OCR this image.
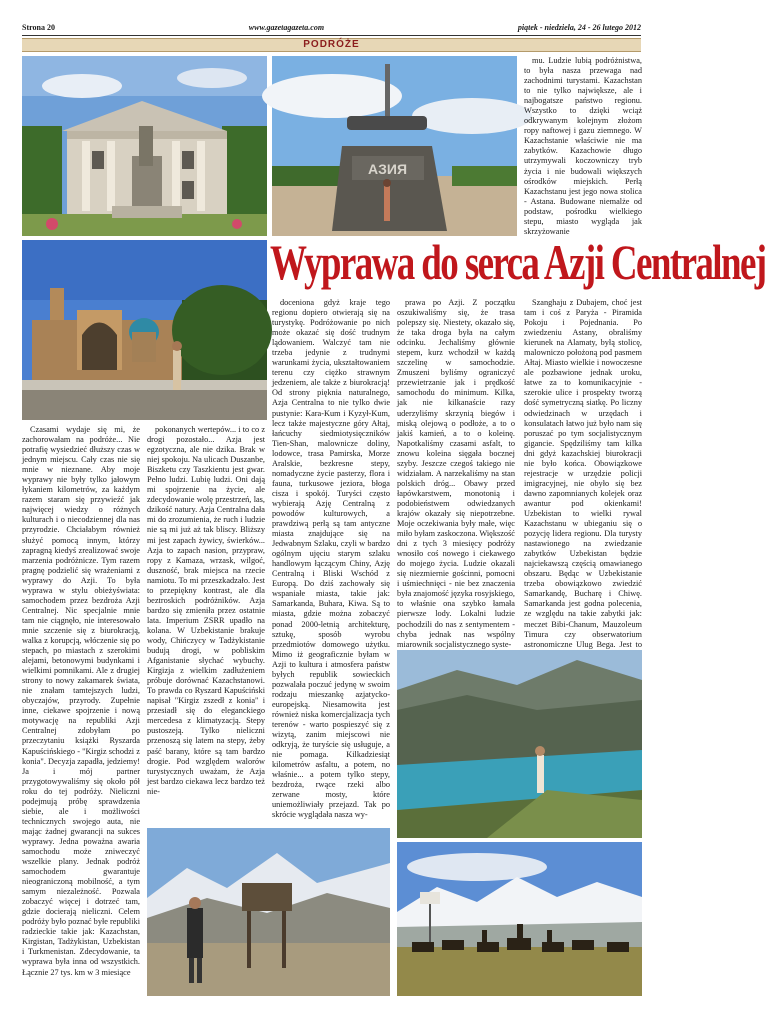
Strona 20	www.gazetagazeta.com	piątek - niedziela, 24 - 26 lutego 2012
PODRÓŻE
АЗИЯ

mu. Ludzie lubią podróżnistwa, to była nasza przewaga nad zachodnimi turystami. Kazachstan to nie tylko największe, ale i najbogatsze państwo regionu. Wszystko to dzięki wciąż odkrywanym kolejnym złożom ropy naftowej i gazu ziemnego. W Kazachstanie właściwie nie ma zabytków. Kazachowie długo utrzymywali koczowniczy tryb życia i nie budowali większych ośrodków miejskich. Perłą Kazachstanu jest jego nowa stolica - Astana. Budowane niemalże od podstaw, pośrodku wielkiego stepu, miasto wygląda jak skrzyżowanie

Wyprawa do serca Azji Centralnej

Czasami wydaje się mi, że zachorowałam na podróże... Nie potrafię wysiedzieć dłuższy czas w jednym miejscu. Cały czas nie się mnie w nieznane. Aby moje wyprawy nie były tylko jałowym łykaniem kilometrów, za każdym razem staram się przywieźć jak najwięcej wiedzy o różnych kulturach i o niecodziennej dla nas przyrodzie. Chciałabym również służyć pomocą innym, którzy zapragną kiedyś zrealizować swoje marzenia podróżnicze. Tym razem pragnę podzielić się wrażeniami z wyprawy do Azji. To była wyprawa w stylu obieżyświata: samochodem przez bezdroża Azji Centralnej. Nic specjalnie mnie tam nie ciągnęło, nie interesowało mnie szczenie się z biurokracją, walka z korupcją, włóczenie się po stepach, po miastach z szerokimi alejami, betonowymi budynkami i wielkimi pomnikami. Ale z drugiej strony to nowy zakamarek świata, nie znałam tamtejszych ludzi, obyczajów, przyrody. Zupełnie inne, ciekawe spojrzenie i nową motywację na republiki Azji Centralnej zdobyłam po przeczytaniu książki Ryszarda Kapuścińskiego - "Kirgiz schodzi z konia". Decyzja zapadła, jedziemy! Ja i mój partner przygotowywaliśmy się około pół roku do tej podróży. Nieliczni podejmują próbę sprawdzenia siebie, ale i możliwości technicznych swojego auta, nie mając żadnej gwarancji na sukces wyprawy. Jedna poważna awaria samochodu może zniweczyć wszelkie plany. Jednak podróż samochodem gwarantuje nieograniczoną mobilność, a tym samym niezależność. Pozwala zobaczyć więcej i dotrzeć tam, gdzie docierają nieliczni. Celem podróży było poznać byłe republiki radzieckie takie jak: Kazachstan, Kirgistan, Tadżykistan, Uzbekistan i Turkmenistan. Zdecydowanie, ta wyprawa była inna od wszystkich. Łącznie 27 tys. km w 3 miesiące

pokonanych wertepów... i to co z drogi pozostało... Azja jest egzotyczna, ale nie dzika. Brak w niej spokoju. Na ulicach Duszanbe, Biszketu czy Taszkientu jest gwar. Pełno ludzi. Lubię ludzi. Oni dają mi spojrzenie na życie, ale zdecydowanie wolę przestrzeń, las, dzikość natury. Azja Centralna dała mi do zrozumienia, że ruch i ludzie nie są mi już aż tak bliscy. Bliższy mi jest zapach żywicy, świerków... Azja to zapach nasion, przypraw, ropy z Kamaza, wrzask, wilgoć, duszność, brak miejsca na rzecie namiotu. To mi przeszkadzało. Jest to przepiękny kontrast, ale dla beztroskich podróżników. Azja bardzo się zmieniła przez ostatnie lata. Imperium ZSRR upadło na kolana. W Uzbekistanie brakuje wody, Chińczycy w Tadżykistanie budują drogi, w pobliskim Afganistanie słychać wybuchy. Kirgizja z wielkim zadłużeniem próbuje dorównać Kazachstanowi. To prawda co Ryszard Kapuściński napisał "Kirgiz zszedł z konia" i przesiadł się do eleganckiego mercedesa z klimatyzacją. Stepy pustoszeją. Tylko nieliczni przenoszą się latem na stepy, żeby paść barany, które są tam bardzo drogie. Pod względem walorów turystycznych uważam, że Azja jest bardzo ciekawa lecz bardzo też nie-

doceniona gdyż kraje tego regionu dopiero otwierają się na turystykę. Podróżowanie po nich może okazać się dość trudnym lądowaniem. Walczyć tam nie trzeba jedynie z trudnymi warunkami życia, ukształtowaniem terenu czy ciężko strawnym jedzeniem, ale także z biurokracją! Od strony pięknia naturalnego, Azja Centralna to nie tylko dwie pustynie: Kara-Kum i Kyzył-Kum, lecz także majestyczne góry Ałtaj, łańcuchy siedmiotysięczników Tien-Shan, malownicze doliny, lodowce, trasa Pamirska, Morze Aralskie, bezkresne stepy, nomadyczne życie pasterzy, flora i fauna, turkusowe jeziora, błoga cisza i spokój. Turyści często wybierają Azję Centralną z powodów kulturowych, a prawdziwą perłą są tam antyczne miasta znajdujące się na Jedwabnym Szlaku, czyli w bardzo ogólnym ujęciu starym szlaku handlowym łączącym Chiny, Azję Centralną i Bliski Wschód z Europą. Do dziś zachowały się wspaniałe miasta, takie jak: Samarkanda, Buhara, Kiwa. Są to miasta, gdzie można zobaczyć ponad 2000-letnią architekturę, sztukę, sposób wyrobu przedmiotów domowego użytku. Mimo iż geograficznie byłam w Azji to kultura i atmosfera państw byłych republik sowieckich pozwalała poczuć jedynę w swoim rodzaju mieszankę azjatycko-europejską. Niesamowita jest również niska komercjalizacja tych terenów - warto pospieszyć się z wizytą, zanim miejscowi nie odkryją, że turyście się usługuje, a nie pomaga. Kilkadziesiąt kilometrów asfaltu, a potem, no właśnie... a potem tylko stepy, bezdroża, rwące rzeki albo zerwane mosty, które uniemożliwiały przejazd. Tak po skrócie wyglądała nasza wy-

prawa po Azji. Z początku oszukiwaliśmy się, że trasa polepszy się. Niestety, okazało się, że taka droga była na całym odcinku. Jechaliśmy głównie stepem, kurz wchodził w każdą szczelinę w samochodzie. Zmuszeni byliśmy ograniczyć przewietrzanie jak i prędkość samochodu do minimum. Kilka, jak nie kilkanaście razy uderzyliśmy skrzynią biegów i miską olejową o podłoże, a to o jakiś kamień, a to o koleinę. Napotkaliśmy czasami asfalt, to znowu koleina sięgała bocznej szyby. Jeszcze czegoś takiego nie widziałam. A narzekaliśmy na stan polskich dróg... Obawy przed łapówkarstwem, monotonią i podobieństwem odwiedzanych krajów okazały się niepotrzebne. Moje oczekiwania były małe, więc miło byłam zaskoczona. Większość dni z tych 3 miesięcy podróży wnosiło coś nowego i ciekawego do mojego życia. Ludzie okazali się niezmiernie gościnni, pomocni i uśmiechnięci - nie bez znaczenia była znajomość języka rosyjskiego, to właśnie ona szybko łamała pierwsze lody. Lokalni ludzie pochodzili do nas z sentymentem - chyba jednak nas wspólny miarownik socjalistycznego syste-

Szanghaju z Dubajem, choć jest tam i coś z Paryża - Piramida Pokoju i Pojednania. Po zwiedzeniu Astany, obraliśmy kierunek na Alamaty, byłą stolicę, malowniczo położoną pod pasmem Ałtaj. Miasto wielkie i nowoczesne ale pozbawione jednak uroku, łatwe za to komunikacyjnie - szerokie ulice i prospekty tworzą dość symetryczną siatkę. Po liczny odwiedzinach w urzędach i konsulatach łatwo już było nam się poruszać po tym socjalistycznym gigancie. Spędziliśmy tam kilka dni gdyż kazachskiej biurokracji nie było końca. Obowiązkowe rejestracje w urzędzie policji imigracyjnej, nie obyło się bez dawno zapomnianych kolejek oraz awantur pod okienkami! Uzbekistan to wielki rywal Kazachstanu w ubieganiu się o pozycję lidera regionu. Dla turysty nastawionego na zwiedzanie zabytków Uzbekistan będzie najciekawszą częścią omawianego obszaru. Będąc w Uzbekistanie trzeba obowiązkowo zwiedzić Samarkandę, Bucharę i Chiwę. Samarkanda jest godna polecenia, ze względu na takie zabytki jak: meczet Bibi-Chanum, Mauzoleum Timura czy obserwatorium astronomiczne Ulug Bega. Jest to
